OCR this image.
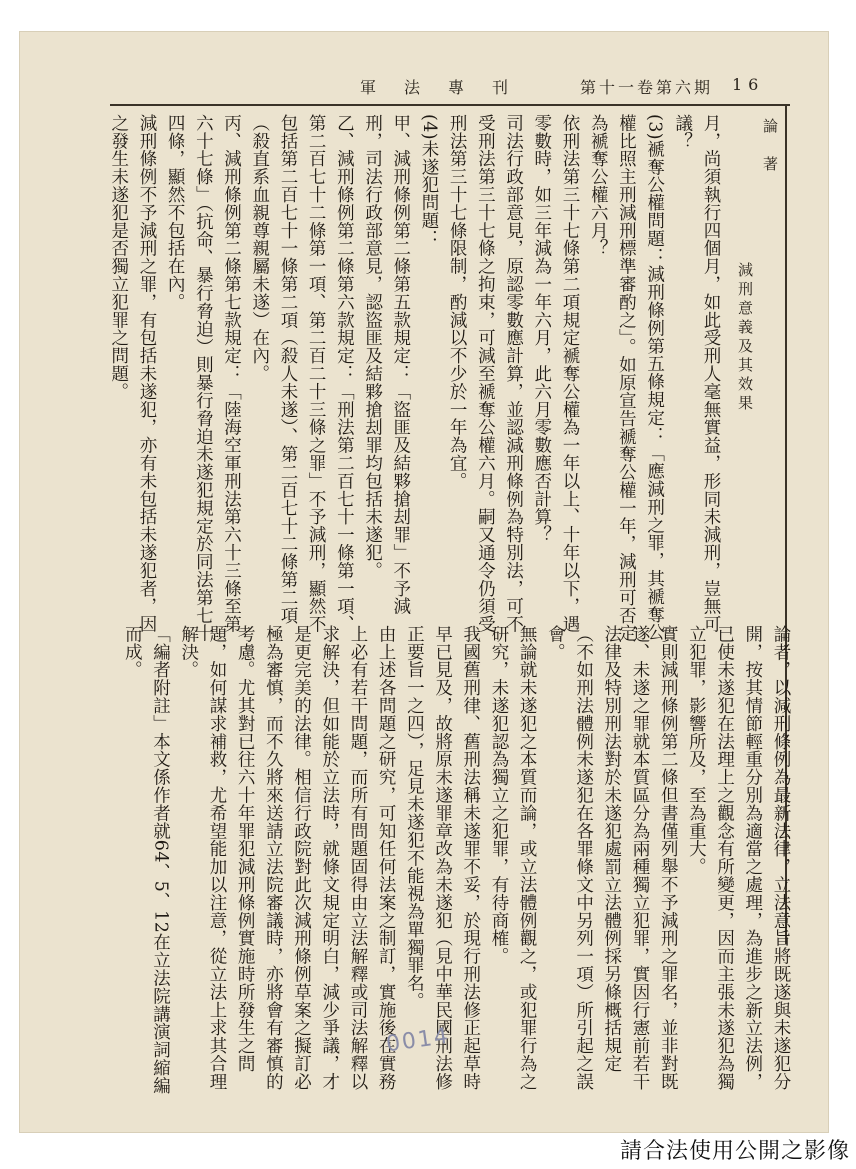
16
第十一卷第六期
軍法專刊
論　著
減刑意義及其效果
月，尚須執行四個月，如此受刑人毫無實益，形同未減刑，豈無可議？
(3)褫奪公權問題：減刑條例第五條規定：「應減刑之罪，其褫奪公權比照主刑減刑標準審酌之」。如原宣告褫奪公權一年，減刑可否定為褫奪公權六月？
依刑法第三十七條第二項規定褫奪公權為一年以上、十年以下，遇零數時，如三年減為一年六月，此六月零數應否計算？
司法行政部意見，原認零數應計算，並認減刑條例為特別法，可不受刑法第三十七條之拘束，可減至褫奪公權六月。嗣又通令仍須受刑法第三十七條限制，酌減以不少於一年為宜。
(4)未遂犯問題：
甲、減刑條例第二條第五款規定：「盜匪及結夥搶刦罪」不予減刑，司法行政部意見，認盜匪及結夥搶刦罪均包括未遂犯。
乙、減刑條例第二條第六款規定：「刑法第二百七十一條第一項、第二百七十二條第一項、第二百二十三條之罪」不予減刑，顯然不包括第二百七十一條第二項（殺人未遂）、第二百七十二條第二項（殺直系血親尊親屬未遂）在內。
丙、減刑條例第二條第七款規定：「陸海空軍刑法第六十三條至第六十七條」（抗命、暴行脅迫）則暴行脅迫未遂犯規定於同法第七十四條，顯然不包括在內。
減刑條例不予減刑之罪，有包括未遂犯，亦有未包括未遂犯者，因之發生未遂犯是否獨立犯罪之問題。
論者，以減刑條例為最新法律，立法意旨將既遂與未遂犯分開，按其情節輕重分別為適當之處理，為進步之新立法例，已使未遂犯在法理上之觀念有所變更，因而主張未遂犯為獨立犯罪，影響所及，至為重大。
實則減刑條例第二條但書僅列舉不予減刑之罪名，並非對既遂、未遂之罪就本質區分為兩種獨立犯罪，實因行憲前若干法律及特別刑法對於未遂犯處罰立法體例採另條概括規定（不如刑法體例未遂犯在各罪條文中另列一項）所引起之誤會。
無論就未遂犯之本質而論，或立法體例觀之，或犯罪行為之研究，未遂犯認為獨立之犯罪，有待商榷。
我國舊刑律、舊刑法稱未遂罪不妥，於現行刑法修正起草時早已見及，故將原未遂罪章改為未遂犯（見中華民國刑法修正要旨一之四），足見未遂犯不能視為單獨罪名。
由上述各問題之研究，可知任何法案之制訂，實施後在實務上必有若干問題，而所有問題固得由立法解釋或司法解釋以求解決，但如能於立法時，就條文規定明白，減少爭議，才是更完美的法律。相信行政院對此次減刑條例草案之擬訂必極為審慎，而不久將來送請立法院審議時，亦將會有審慎的考慮。尤其對已往六十年罪犯減刑條例實施時所發生之問題，如何謀求補救，尤希望能加以注意，從立法上求其合理解決。
「編者附註」本文係作者就64、5、12在立法院講演詞縮編而成。
0014
請合法使用公開之影像
